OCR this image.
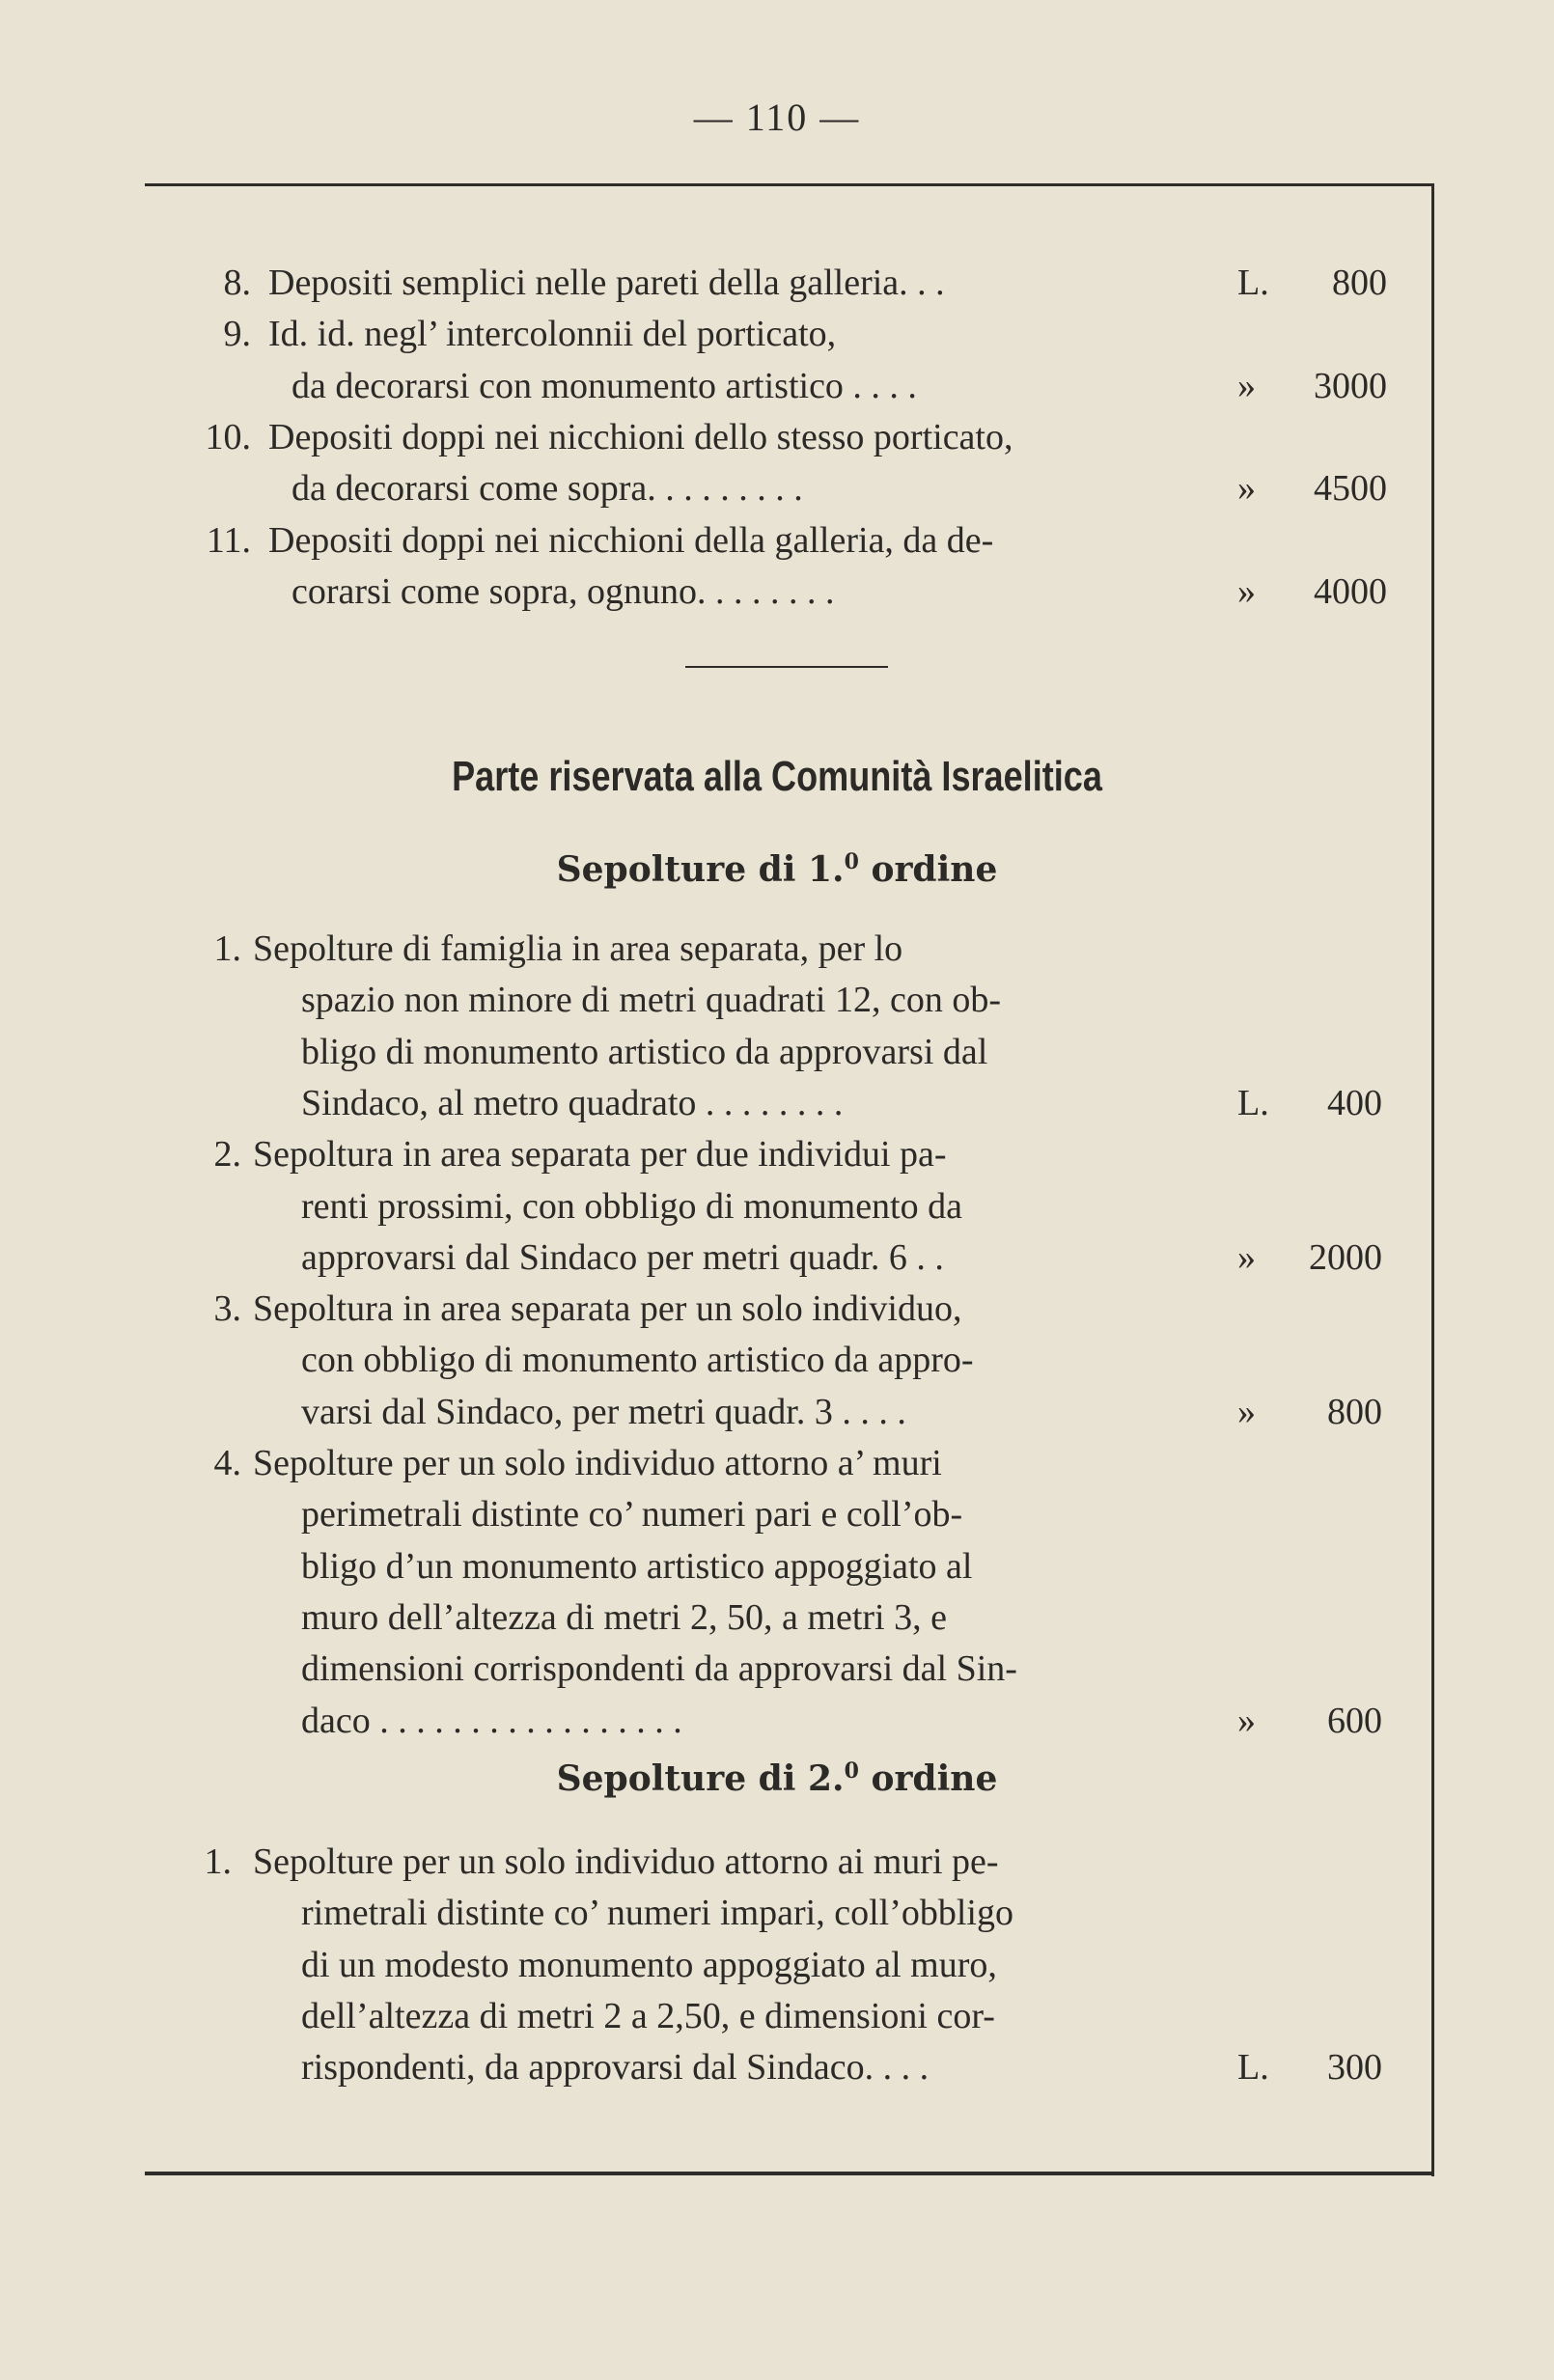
— 110 —
8. Depositi semplici nelle pareti della galleria. . .	L.	800
9. Id. id. negl’ intercolonnii del porticato,
da decorarsi con monumento artistico . . . .	»	3000
10. Depositi doppi nei nicchioni dello stesso porticato,
da decorarsi come sopra. . . . . . . . .	»	4500
11. Depositi doppi nei nicchioni della galleria, da de-
corarsi come sopra, ognuno. . . . . . . .	»	4000
Parte riservata alla Comunità Israelitica
Sepolture di 1.$^0$ ordine
1. Sepolture di famiglia in area separata, per lo
spazio non minore di metri quadrati 12, con ob-
bligo di monumento artistico da approvarsi dal
Sindaco, al metro quadrato . . . . . . . .	L.	400
2. Sepoltura in area separata per due individui pa-
renti prossimi, con obbligo di monumento da
approvarsi dal Sindaco per metri quadr. 6 . .	»	2000
3. Sepoltura in area separata per un solo individuo,
con obbligo di monumento artistico da appro-
varsi dal Sindaco, per metri quadr. 3 . . . .	»	800
4. Sepolture per un solo individuo attorno a’ muri
perimetrali distinte co’ numeri pari e coll’ob-
bligo d’un monumento artistico appoggiato al
muro dell’altezza di metri 2, 50, a metri 3, e
dimensioni corrispondenti da approvarsi dal Sin-
daco . . . . . . . . . . . . . . . . .	»	600
Sepolture di 2.$^0$ ordine
1. Sepolture per un solo individuo attorno ai muri pe-
rimetrali distinte co’ numeri impari, coll’obbligo
di un modesto monumento appoggiato al muro,
dell’altezza di metri 2 a 2,50, e dimensioni cor-
rispondenti, da approvarsi dal Sindaco. . . .	L.	300
